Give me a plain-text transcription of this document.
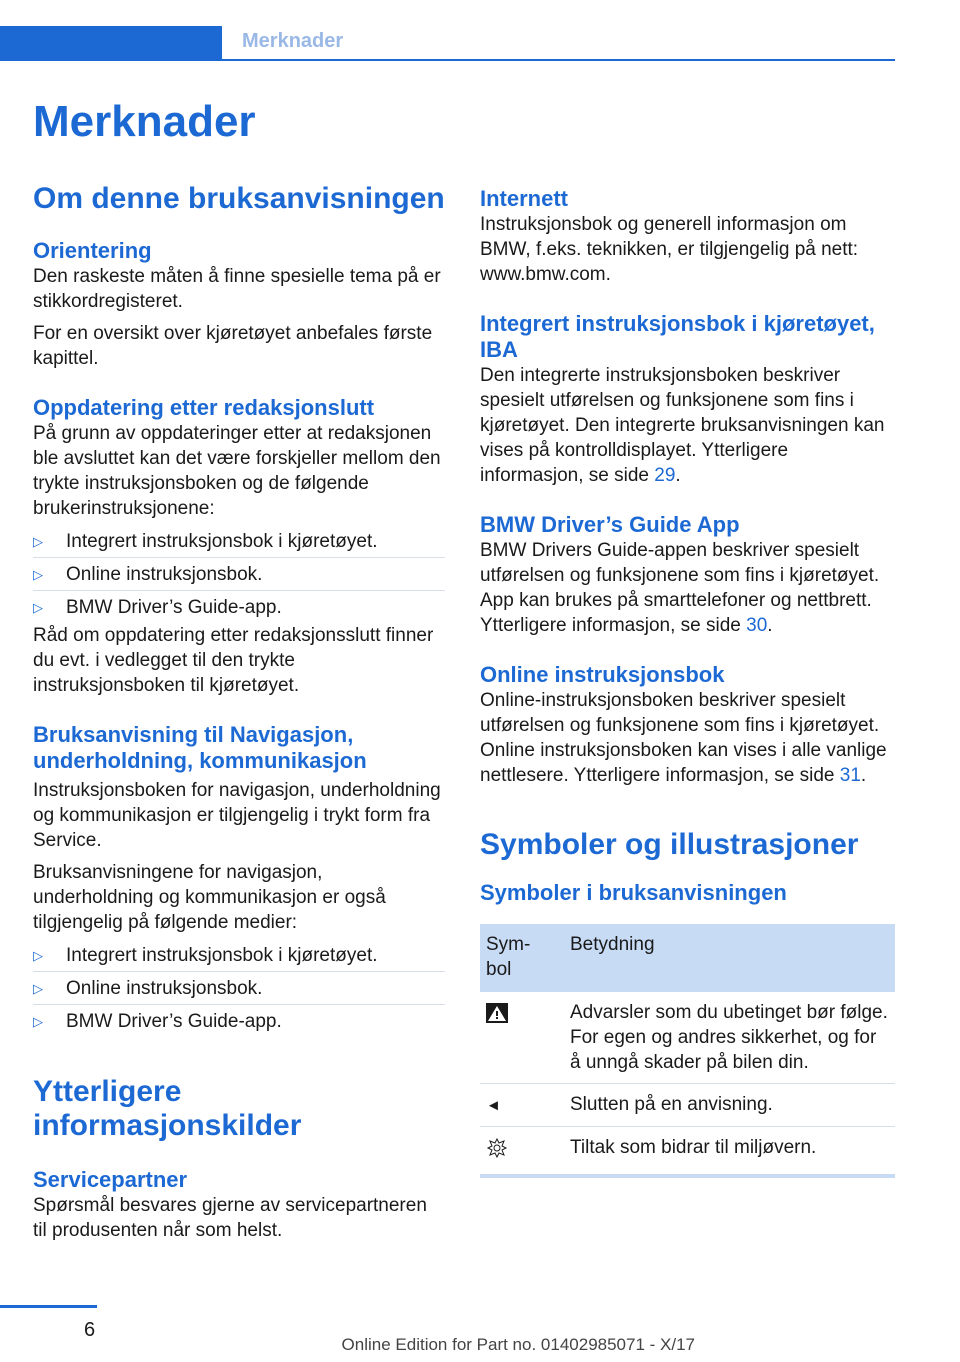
Merknader
Merknader
Om denne bruksanvisningen
Orientering

Den raskeste måten å finne spesielle tema på er stikkordregisteret.

For en oversikt over kjøretøyet anbefales første kapittel.

Oppdatering etter redaksjonslutt

På grunn av oppdateringer etter at redaksjonen ble avsluttet kan det være forskjeller mellom den trykte instruksjonsboken og de følgende brukerinstruksjonene:

▷ Integrert instruksjonsbok i kjøretøyet.
▷ Online instruksjonsbok.
▷ BMW Driver’s Guide-app.

Råd om oppdatering etter redaksjonsslutt finner du evt. i vedlegget til den trykte instruksjonsboken til kjøretøyet.

Bruksanvisning til Navigasjon, underholdning, kommunikasjon

Instruksjonsboken for navigasjon, underholdning og kommunikasjon er tilgjengelig i trykt form fra Service.

Bruksanvisningene for navigasjon, underholdning og kommunikasjon er også tilgjengelig på følgende medier:

▷ Integrert instruksjonsbok i kjøretøyet.
▷ Online instruksjonsbok.
▷ BMW Driver’s Guide-app.
Ytterligere informasjonskilder
Servicepartner

Spørsmål besvares gjerne av servicepartneren til produsenten når som helst.

Internett

Instruksjonsbok og generell informasjon om BMW, f.eks. teknikken, er tilgjengelig på nett: www.bmw.com.

Integrert instruksjonsbok i kjøretøyet, IBA

Den integrerte instruksjonsboken beskriver spesielt utførelsen og funksjonene som fins i kjøretøyet. Den integrerte bruksanvisningen kan vises på kontrolldisplayet. Ytterligere informasjon, se side 29.

BMW Driver’s Guide App

BMW Drivers Guide-appen beskriver spesielt utførelsen og funksjonene som fins i kjøretøyet. App kan brukes på smarttelefoner og nettbrett. Ytterligere informasjon, se side 30.

Online instruksjonsbok

Online-instruksjonsboken beskriver spesielt utførelsen og funksjonene som fins i kjøretøyet. Online instruksjonsboken kan vises i alle vanlige nettlesere. Ytterligere informasjon, se side 31.

Symboler og illustrasjoner
Symboler i bruksanvisningen
Sym-
bol	Betydning
	Advarsler som du ubetinget bør følge. For egen og andres sikkerhet, og for å unngå skader på bilen din.
◄	Slutten på en anvisning.
	Tiltak som bidrar til miljøvern.
6
Online Edition for Part no. 01402985071 - X/17
